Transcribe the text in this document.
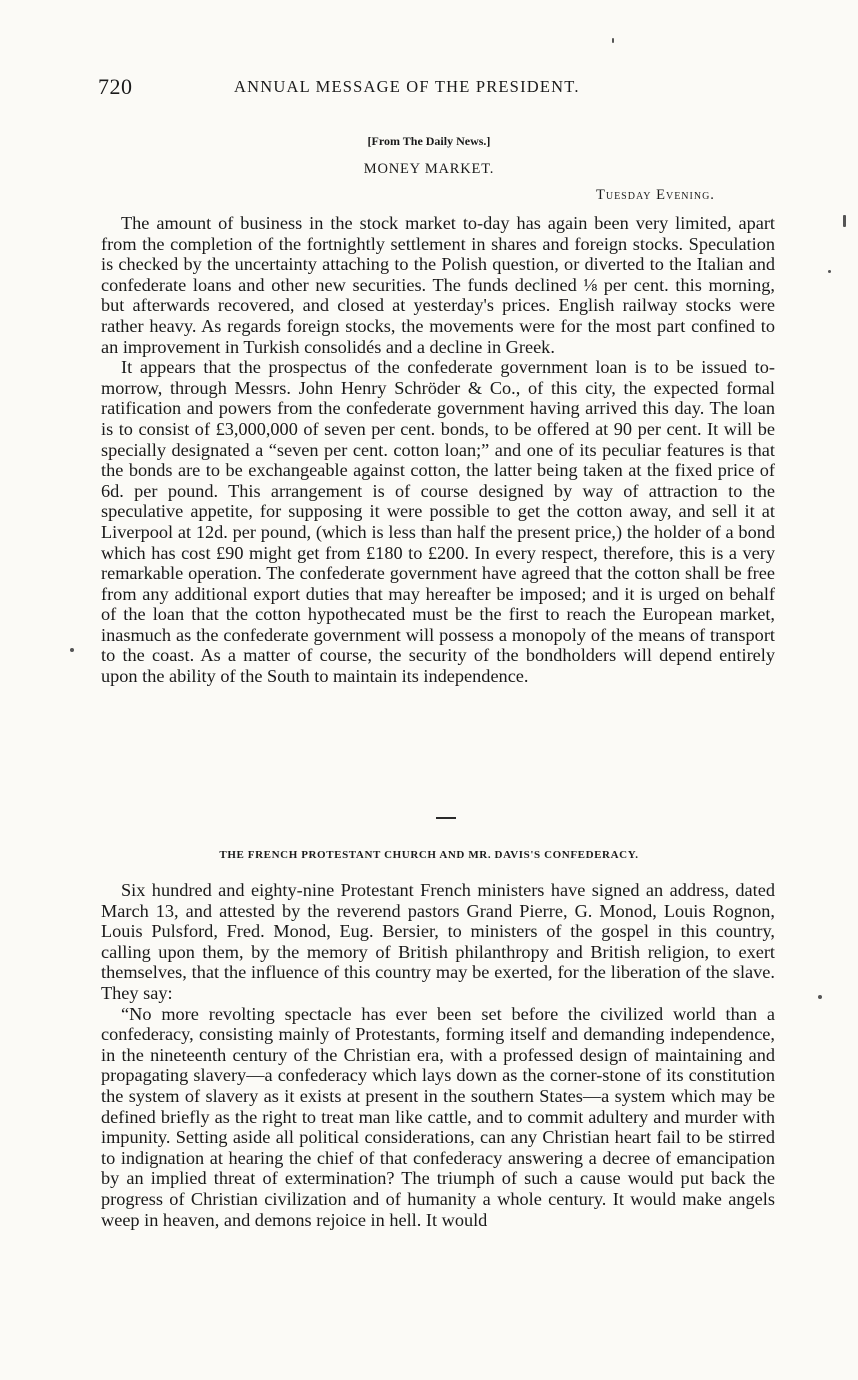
720	ANNUAL MESSAGE OF THE PRESIDENT.
[From The Daily News.]
MONEY MARKET.
Tuesday Evening.

The amount of business in the stock market to-day has again been very limited, apart from the completion of the fortnightly settlement in shares and foreign stocks. Speculation is checked by the uncertainty attaching to the Polish question, or diverted to the Italian and confederate loans and other new securities. The funds declined ⅛ per cent. this morning, but afterwards recovered, and closed at yesterday's prices. English railway stocks were rather heavy. As regards foreign stocks, the movements were for the most part confined to an improvement in Turkish consolidés and a decline in Greek.

It appears that the prospectus of the confederate government loan is to be issued to-morrow, through Messrs. John Henry Schröder & Co., of this city, the expected formal ratification and powers from the confederate government having arrived this day. The loan is to consist of £3,000,000 of seven per cent. bonds, to be offered at 90 per cent. It will be specially designated a “seven per cent. cotton loan;” and one of its peculiar features is that the bonds are to be exchangeable against cotton, the latter being taken at the fixed price of 6d. per pound. This arrangement is of course designed by way of attraction to the speculative appetite, for supposing it were possible to get the cotton away, and sell it at Liverpool at 12d. per pound, (which is less than half the present price,) the holder of a bond which has cost £90 might get from £180 to £200. In every respect, therefore, this is a very remarkable operation. The confederate government have agreed that the cotton shall be free from any additional export duties that may hereafter be imposed; and it is urged on behalf of the loan that the cotton hypothecated must be the first to reach the European market, inasmuch as the confederate government will possess a monopoly of the means of transport to the coast. As a matter of course, the security of the bondholders will depend entirely upon the ability of the South to maintain its independence.

THE FRENCH PROTESTANT CHURCH AND MR. DAVIS'S CONFEDERACY.

Six hundred and eighty-nine Protestant French ministers have signed an address, dated March 13, and attested by the reverend pastors Grand Pierre, G. Monod, Louis Rognon, Louis Pulsford, Fred. Monod, Eug. Bersier, to ministers of the gospel in this country, calling upon them, by the memory of British philanthropy and British religion, to exert themselves, that the influence of this country may be exerted, for the liberation of the slave. They say:

“No more revolting spectacle has ever been set before the civilized world than a confederacy, consisting mainly of Protestants, forming itself and demanding independence, in the nineteenth century of the Christian era, with a professed design of maintaining and propagating slavery—a confederacy which lays down as the corner-stone of its constitution the system of slavery as it exists at present in the southern States—a system which may be defined briefly as the right to treat man like cattle, and to commit adultery and murder with impunity. Setting aside all political considerations, can any Christian heart fail to be stirred to indignation at hearing the chief of that confederacy answering a decree of emancipation by an implied threat of extermination? The triumph of such a cause would put back the progress of Christian civilization and of humanity a whole century. It would make angels weep in heaven, and demons rejoice in hell. It would
